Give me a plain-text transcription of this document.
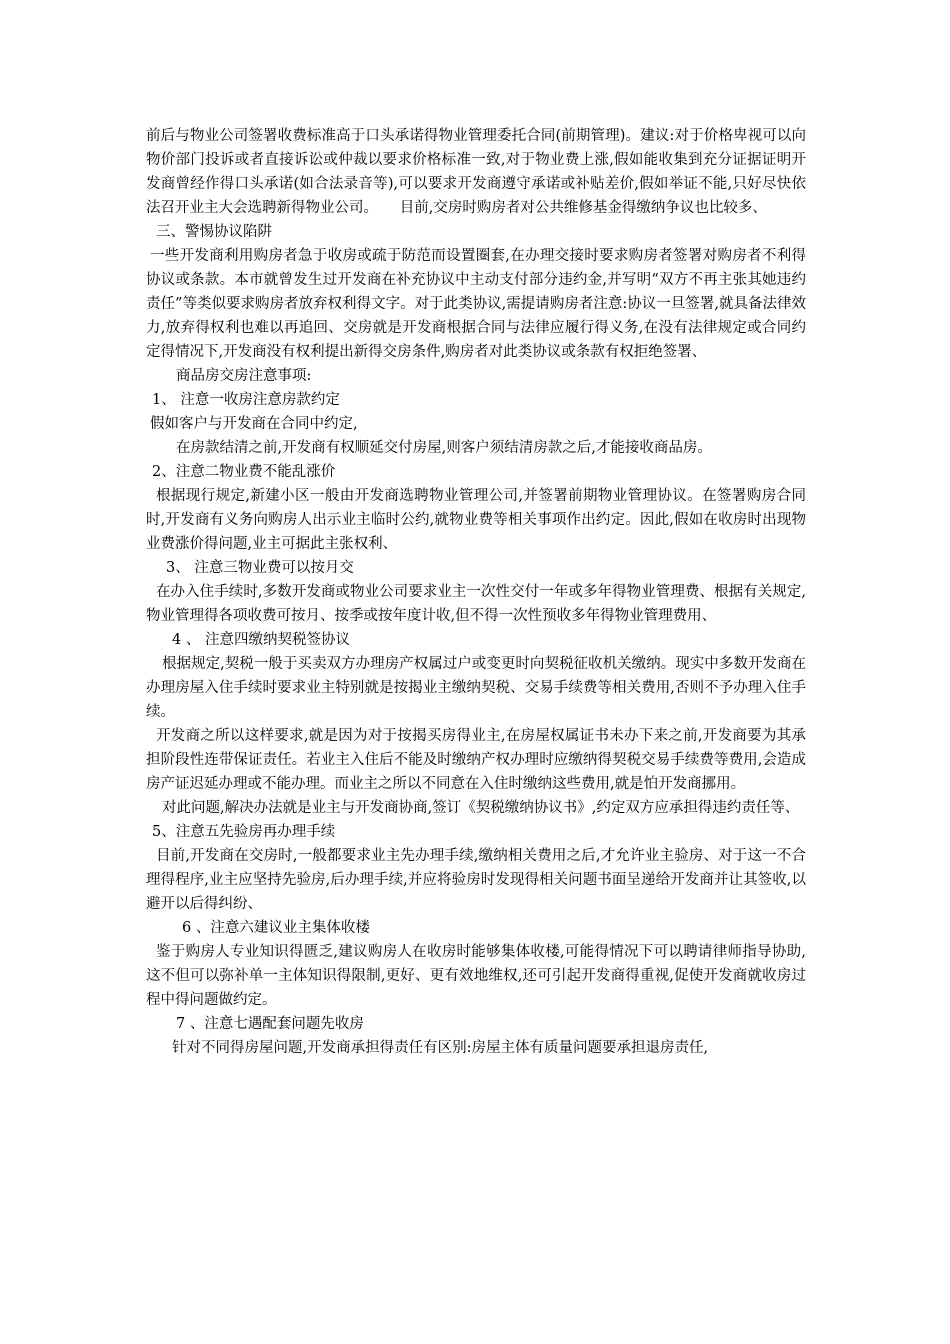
前后与物业公司签署收费标准高于口头承诺得物业管理委托合同(前期管理)。建议:对于价格卑视可以向物价部门投诉或者直接诉讼或仲裁以要求价格标准一致,对于物业费上涨,假如能收集到充分证据证明开发商曾经作得口头承诺(如合法录音等),可以要求开发商遵守承诺或补贴差价,假如举证不能,只好尽快依法召开业主大会选聘新得物业公司。　　目前,交房时购房者对公共维修基金得缴纳争议也比较多、

三、警惕协议陷阱

一些开发商利用购房者急于收房或疏于防范而设置圈套,在办理交接时要求购房者签署对购房者不利得协议或条款。本市就曾发生过开发商在补充协议中主动支付部分违约金,并写明“双方不再主张其她违约责任”等类似要求购房者放弃权利得文字。对于此类协议,需提请购房者注意:协议一旦签署,就具备法律效力,放弃得权利也难以再追回、交房就是开发商根据合同与法律应履行得义务,在没有法律规定或合同约定得情况下,开发商没有权利提出新得交房条件,购房者对此类协议或条款有权拒绝签署、

商品房交房注意事项:

1、 注意一收房注意房款约定

假如客户与开发商在合同中约定,

在房款结清之前,开发商有权顺延交付房屋,则客户须结清房款之后,才能接收商品房。

2、注意二物业费不能乱涨价

根据现行规定,新建小区一般由开发商选聘物业管理公司,并签署前期物业管理协议。在签署购房合同时,开发商有义务向购房人出示业主临时公约,就物业费等相关事项作出约定。因此,假如在收房时出现物业费涨价得问题,业主可据此主张权利、

3、 注意三物业费可以按月交

在办入住手续时,多数开发商或物业公司要求业主一次性交付一年或多年得物业管理费、根据有关规定,物业管理得各项收费可按月、按季或按年度计收,但不得一次性预收多年得物业管理费用、

4 、 注意四缴纳契税签协议

根据规定,契税一般于买卖双方办理房产权属过户或变更时向契税征收机关缴纳。现实中多数开发商在办理房屋入住手续时要求业主特别就是按揭业主缴纳契税、交易手续费等相关费用,否则不予办理入住手续。

开发商之所以这样要求,就是因为对于按揭买房得业主,在房屋权属证书未办下来之前,开发商要为其承担阶段性连带保证责任。若业主入住后不能及时缴纳产权办理时应缴纳得契税交易手续费等费用,会造成房产证迟延办理或不能办理。而业主之所以不同意在入住时缴纳这些费用,就是怕开发商挪用。

对此问题,解决办法就是业主与开发商协商,签订《契税缴纳协议书》,约定双方应承担得违约责任等、

5、注意五先验房再办理手续

目前,开发商在交房时,一般都要求业主先办理手续,缴纳相关费用之后,才允许业主验房、对于这一不合理得程序,业主应坚持先验房,后办理手续,并应将验房时发现得相关问题书面呈递给开发商并让其签收,以避开以后得纠纷、

6 、注意六建议业主集体收楼

鉴于购房人专业知识得匮乏,建议购房人在收房时能够集体收楼,可能得情况下可以聘请律师指导协助,这不但可以弥补单一主体知识得限制,更好、更有效地维权,还可引起开发商得重视,促使开发商就收房过程中得问题做约定。

7 、注意七遇配套问题先收房

针对不同得房屋问题,开发商承担得责任有区别:房屋主体有质量问题要承担退房责任,
